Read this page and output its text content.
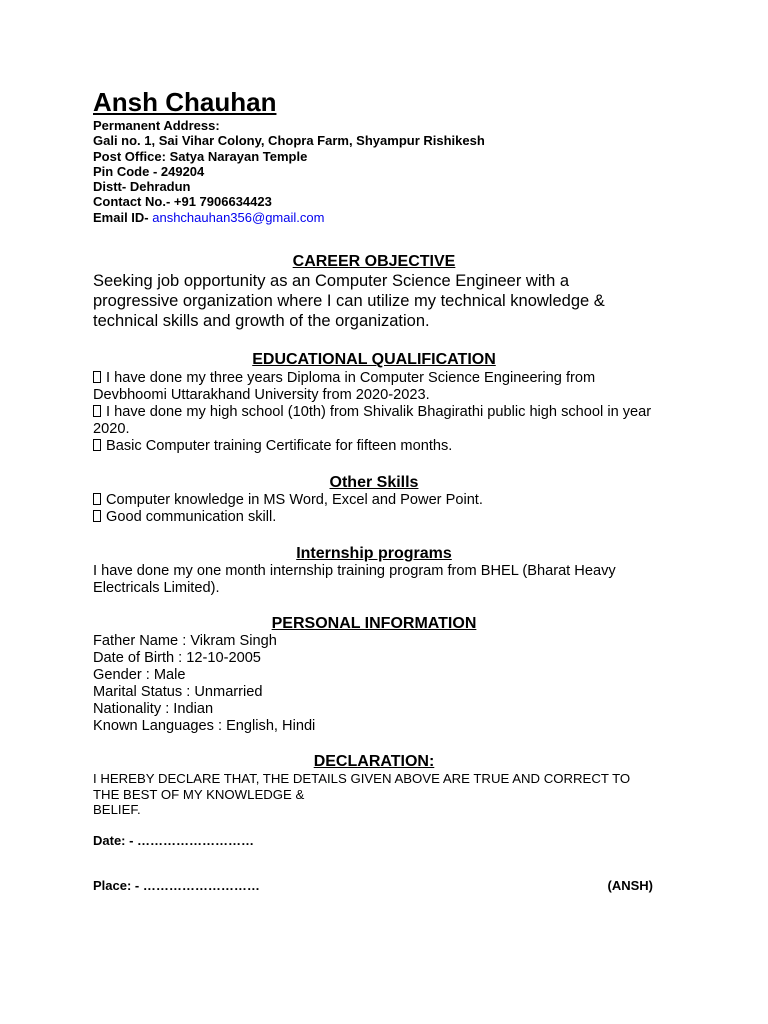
Ansh Chauhan
Permanent Address:
Gali no. 1, Sai Vihar Colony, Chopra Farm, Shyampur Rishikesh
Post Office: Satya Narayan Temple
Pin Code - 249204
Distt- Dehradun
Contact No.- +91 7906634423
Email ID- anshchauhan356@gmail.com
CAREER OBJECTIVE
Seeking job opportunity as an Computer Science Engineer with a progressive organization where I can utilize my technical knowledge & technical skills and growth of the organization.
EDUCATIONAL QUALIFICATION
I have done my three years Diploma in Computer Science Engineering from Devbhoomi Uttarakhand University from 2020-2023.
I have done my high school (10th) from Shivalik Bhagirathi public high school in year 2020.
Basic Computer training Certificate for fifteen months.
Other Skills
Computer knowledge in MS Word, Excel and Power Point.
Good communication skill.
Internship programs
I have done my one month internship training program from BHEL (Bharat Heavy Electricals Limited).
PERSONAL INFORMATION
Father Name : Vikram Singh
Date of Birth : 12-10-2005
Gender : Male
Marital Status : Unmarried
Nationality : Indian
Known Languages : English, Hindi
DECLARATION:
I HEREBY DECLARE THAT, THE DETAILS GIVEN ABOVE ARE TRUE AND CORRECT TO THE BEST OF MY KNOWLEDGE &
BELIEF.
Date: - ………………………
Place: - ………………………	(ANSH)
